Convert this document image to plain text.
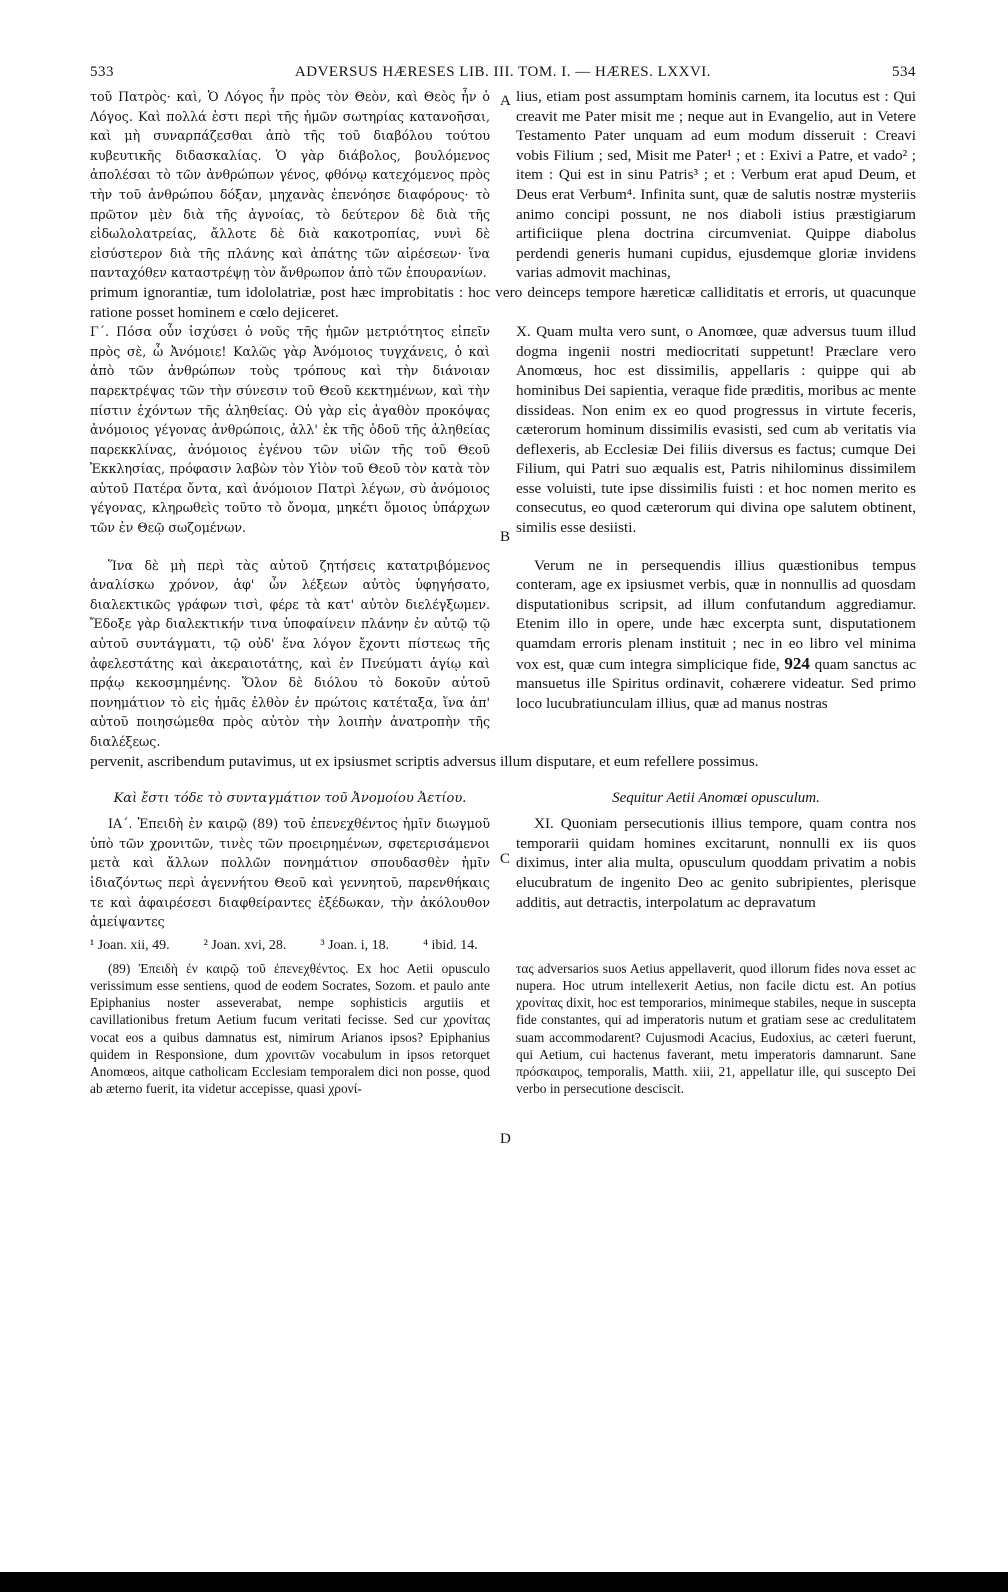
533	ADVERSUS HÆRESES LIB. III. TOM. I. — HÆRES. LXXVI.	534
A
B
C
D

τοῦ Πατρὸς· καὶ, Ὁ Λόγος ἦν πρὸς τὸν Θεὸν, καὶ Θεὸς ἦν ὁ Λόγος. Καὶ πολλά ἐστι περὶ τῆς ἡμῶν σωτηρίας κατανοῆσαι, καὶ μὴ συναρπάζεσθαι ἀπὸ τῆς τοῦ διαβόλου τούτου κυβευτικῆς διδασκαλίας. Ὁ γὰρ διάβολος, βουλόμενος ἀπολέσαι τὸ τῶν ἀνθρώπων γένος, φθόνῳ κατεχόμενος πρὸς τὴν τοῦ ἀνθρώπου δόξαν, μηχανὰς ἐπενόησε διαφόρους· τὸ πρῶτον μὲν διὰ τῆς ἀγνοίας, τὸ δεύτερον δὲ διὰ τῆς εἰδωλολατρείας, ἄλλοτε δὲ διὰ κακοτροπίας, νυνὶ δὲ εἰσύστερον διὰ τῆς πλάνης καὶ ἀπάτης τῶν αἱρέσεων· ἵνα πανταχόθεν καταστρέψῃ τὸν ἄνθρωπον ἀπὸ τῶν ἐπουρανίων.

lius, etiam post assumptam hominis carnem, ita locutus est : Qui creavit me Pater misit me ; neque aut in Evangelio, aut in Vetere Testamento Pater unquam ad eum modum disseruit : Creavi vobis Filium ; sed, Misit me Pater¹ ; et : Exivi a Patre, et vado² ; item : Qui est in sinu Patris³ ; et : Verbum erat apud Deum, et Deus erat Verbum⁴. Infinita sunt, quæ de salutis nostræ mysteriis animo concipi possunt, ne nos diaboli istius præstigiarum artificiique plena doctrina circumveniat. Quippe diabolus perdendi generis humani cupidus, ejusdemque gloriæ invidens varias admovit machinas,

primum ignorantiæ, tum idololatriæ, post hæc improbitatis : hoc vero deinceps tempore hæreticæ calliditatis et erroris, ut quacunque ratione posset hominem e cœlo dejiceret.

Γ΄. Πόσα οὖν ἰσχύσει ὁ νοῦς τῆς ἡμῶν μετριότητος εἰπεῖν πρὸς σὲ, ὦ Ἀνόμοιε! Καλῶς γὰρ Ἀνόμοιος τυγχάνεις, ὁ καὶ ἀπὸ τῶν ἀνθρώπων τοὺς τρόπους καὶ τὴν διάνοιαν παρεκτρέψας τῶν τὴν σύνεσιν τοῦ Θεοῦ κεκτημένων, καὶ τὴν πίστιν ἐχόντων τῆς ἀληθείας. Οὐ γὰρ εἰς ἀγαθὸν προκόψας ἀνόμοιος γέγονας ἀνθρώποις, ἀλλ' ἐκ τῆς ὁδοῦ τῆς ἀληθείας παρεκκλίνας, ἀνόμοιος ἐγένου τῶν υἱῶν τῆς τοῦ Θεοῦ Ἐκκλησίας, πρόφασιν λαβὼν τὸν Υἱὸν τοῦ Θεοῦ τὸν κατὰ τὸν αὐτοῦ Πατέρα ὄντα, καὶ ἀνόμοιον Πατρὶ λέγων, σὺ ἀνόμοιος γέγονας, κληρωθεὶς τοῦτο τὸ ὄνομα, μηκέτι ὅμοιος ὑπάρχων τῶν ἐν Θεῷ σωζομένων.

X. Quam multa vero sunt, o Anomœe, quæ adversus tuum illud dogma ingenii nostri mediocritati suppetunt! Præclare vero Anomœus, hoc est dissimilis, appellaris : quippe qui ab hominibus Dei sapientia, veraque fide præditis, moribus ac mente dissideas. Non enim ex eo quod progressus in virtute feceris, cæterorum hominum dissimilis evasisti, sed cum ab veritatis via deflexeris, ab Ecclesiæ Dei filiis diversus es factus; cumque Dei Filium, qui Patri suo æqualis est, Patris nihilominus dissimilem esse voluisti, tute ipse dissimilis fuisti : et hoc nomen merito es consecutus, eo quod cæterorum qui divina ope salutem obtinent, similis esse desiisti.

Ἵνα δὲ μὴ περὶ τὰς αὐτοῦ ζητήσεις κατατριβόμενος ἀναλίσκω χρόνον, ἀφ' ὧν λέξεων αὐτὸς ὑφηγήσατο, διαλεκτικῶς γράφων τισὶ, φέρε τὰ κατ' αὐτὸν διελέγξωμεν. Ἔδοξε γὰρ διαλεκτικήν τινα ὑποφαίνειν πλάνην ἐν αὐτῷ τῷ αὐτοῦ συντάγματι, τῷ οὐδ' ἕνα λόγον ἔχοντι πίστεως τῆς ἀφελεστάτης καὶ ἀκεραιοτάτης, καὶ ἐν Πνεύματι ἁγίῳ καὶ πρᾴῳ κεκοσμημένης. Ὅλον δὲ διόλου τὸ δοκοῦν αὐτοῦ πονημάτιον τὸ εἰς ἡμᾶς ἐλθὸν ἐν πρώτοις κατέταξα, ἵνα ἀπ' αὐτοῦ ποιησώμεθα πρὸς αὐτὸν τὴν λοιπὴν ἀνατροπὴν τῆς διαλέξεως.

Verum ne in persequendis illius quæstionibus tempus conteram, age ex ipsiusmet verbis, quæ in nonnullis ad quosdam disputationibus scripsit, ad illum confutandum aggrediamur. Etenim illo in opere, unde hæc excerpta sunt, disputationem quamdam erroris plenam instituit ; nec in eo libro vel minima vox est, quæ cum integra simplicique fide, 924 quam sanctus ac mansuetus ille Spiritus ordinavit, cohærere videatur. Sed primo loco lucubratiunculam illius, quæ ad manus nostras

pervenit, ascribendum putavimus, ut ex ipsiusmet scriptis adversus illum disputare, et eum refellere possimus.

Καὶ ἔστι τόδε τὸ συνταγμάτιον τοῦ Ἀνομοίου Ἀετίου.	Sequitur Aetii Anomœi opusculum.

ΙΑ΄. Ἐπειδὴ ἐν καιρῷ (89) τοῦ ἐπενεχθέντος ἡμῖν διωγμοῦ ὑπὸ τῶν χρονιτῶν, τινὲς τῶν προειρημένων, σφετερισάμενοι μετὰ καὶ ἄλλων πολλῶν πονημάτιον σπουδασθὲν ἡμῖν ἰδιαζόντως περὶ ἀγεννήτου Θεοῦ καὶ γεννητοῦ, παρενθήκαις τε καὶ ἀφαιρέσεσι διαφθείραντες ἐξέδωκαν, τὴν ἀκόλουθον ἀμείψαντες

XI. Quoniam persecutionis illius tempore, quam contra nos temporarii quidam homines excitarunt, nonnulli ex iis quos diximus, inter alia multa, opusculum quoddam privatim a nobis elucubratum de ingenito Deo ac genito subripientes, plerisque additis, aut detractis, interpolatum ac depravatum

¹ Joan. xii, 49. ² Joan. xvi, 28. ³ Joan. i, 18. ⁴ ibid. 14.

(89) Ἐπειδὴ ἐν καιρῷ τοῦ ἐπενεχθέντος. Ex hoc Aetii opusculo verissimum esse sentiens, quod de eodem Socrates, Sozom. et paulo ante Epiphanius noster asseverabat, nempe sophisticis argutiis et cavillationibus fretum Aetium fucum veritati fecisse. Sed cur χρονίτας vocat eos a quibus damnatus est, nimirum Arianos ipsos? Epiphanius quidem in Responsione, dum χρονιτῶν vocabulum in ipsos retorquet Anomœos, aitque catholicam Ecclesiam temporalem dici non posse, quod ab æterno fuerit, ita videtur accepisse, quasi χρονί-

τας adversarios suos Aetius appellaverit, quod illorum fides nova esset ac nupera. Hoc utrum intellexerit Aetius, non facile dictu est. An potius χρονίτας dixit, hoc est temporarios, minimeque stabiles, neque in suscepta fide constantes, qui ad imperatoris nutum et gratiam sese ac credulitatem suam accommodarent? Cujusmodi Acacius, Eudoxius, ac cæteri fuerunt, qui Aetium, cui hactenus faverant, metu imperatoris damnarunt. Sane πρόσκαιρος, temporalis, Matth. xiii, 21, appellatur ille, qui suscepto Dei verbo in persecutione desciscit.
